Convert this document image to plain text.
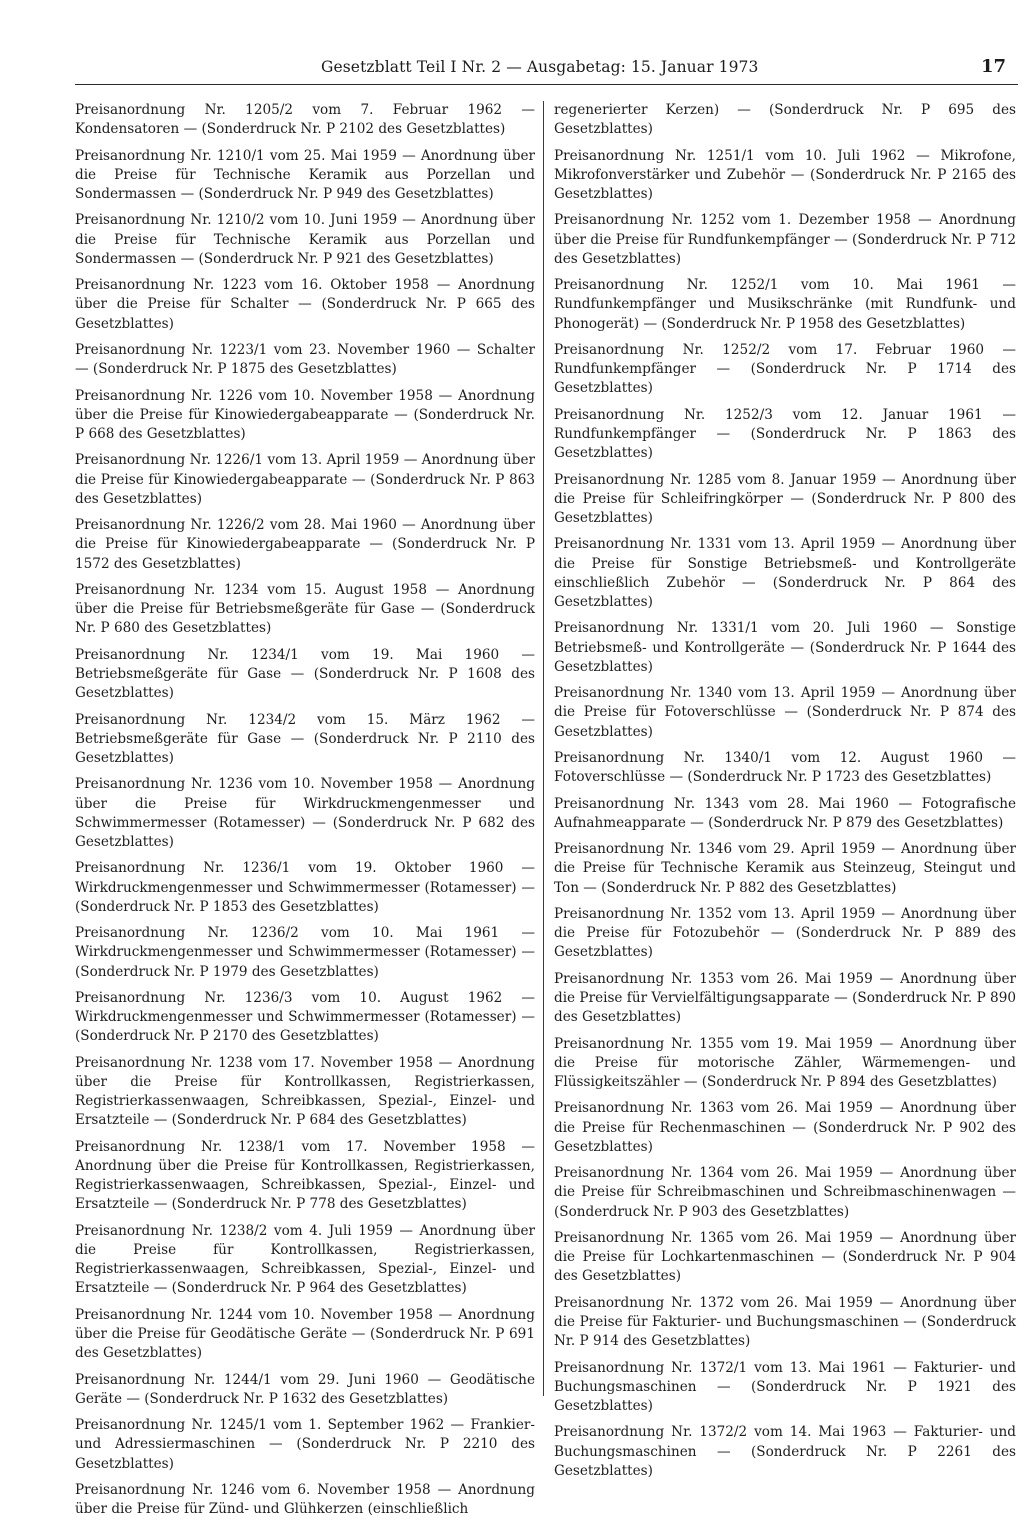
Gesetzblatt Teil I Nr. 2 — Ausgabetag: 15. Januar 1973	17

Preisanordnung Nr. 1205/2 vom 7. Februar 1962 — Kondensatoren — (Sonderdruck Nr. P 2102 des Gesetzblattes)

Preisanordnung Nr. 1210/1 vom 25. Mai 1959 — Anordnung über die Preise für Technische Keramik aus Porzellan und Sondermassen — (Sonderdruck Nr. P 949 des Gesetzblattes)

Preisanordnung Nr. 1210/2 vom 10. Juni 1959 — Anordnung über die Preise für Technische Keramik aus Porzellan und Sondermassen — (Sonderdruck Nr. P 921 des Gesetzblattes)

Preisanordnung Nr. 1223 vom 16. Oktober 1958 — Anordnung über die Preise für Schalter — (Sonderdruck Nr. P 665 des Gesetzblattes)

Preisanordnung Nr. 1223/1 vom 23. November 1960 — Schalter — (Sonderdruck Nr. P 1875 des Gesetzblattes)

Preisanordnung Nr. 1226 vom 10. November 1958 — Anordnung über die Preise für Kinowiedergabeapparate — (Sonderdruck Nr. P 668 des Gesetzblattes)

Preisanordnung Nr. 1226/1 vom 13. April 1959 — Anordnung über die Preise für Kinowiedergabeapparate — (Sonderdruck Nr. P 863 des Gesetzblattes)

Preisanordnung Nr. 1226/2 vom 28. Mai 1960 — Anordnung über die Preise für Kinowiedergabeapparate — (Sonderdruck Nr. P 1572 des Gesetzblattes)

Preisanordnung Nr. 1234 vom 15. August 1958 — Anordnung über die Preise für Betriebsmeßgeräte für Gase — (Sonderdruck Nr. P 680 des Gesetzblattes)

Preisanordnung Nr. 1234/1 vom 19. Mai 1960 — Betriebsmeßgeräte für Gase — (Sonderdruck Nr. P 1608 des Gesetzblattes)

Preisanordnung Nr. 1234/2 vom 15. März 1962 — Betriebsmeßgeräte für Gase — (Sonderdruck Nr. P 2110 des Gesetzblattes)

Preisanordnung Nr. 1236 vom 10. November 1958 — Anordnung über die Preise für Wirkdruckmengenmesser und Schwimmermesser (Rotamesser) — (Sonderdruck Nr. P 682 des Gesetzblattes)

Preisanordnung Nr. 1236/1 vom 19. Oktober 1960 — Wirkdruckmengenmesser und Schwimmermesser (Rotamesser) — (Sonderdruck Nr. P 1853 des Gesetzblattes)

Preisanordnung Nr. 1236/2 vom 10. Mai 1961 — Wirkdruckmengenmesser und Schwimmermesser (Rotamesser) — (Sonderdruck Nr. P 1979 des Gesetzblattes)

Preisanordnung Nr. 1236/3 vom 10. August 1962 — Wirkdruckmengenmesser und Schwimmermesser (Rotamesser) — (Sonderdruck Nr. P 2170 des Gesetzblattes)

Preisanordnung Nr. 1238 vom 17. November 1958 — Anordnung über die Preise für Kontrollkassen, Registrierkassen, Registrierkassenwaagen, Schreibkassen, Spezial-, Einzel- und Ersatzteile — (Sonderdruck Nr. P 684 des Gesetzblattes)

Preisanordnung Nr. 1238/1 vom 17. November 1958 — Anordnung über die Preise für Kontrollkassen, Registrierkassen, Registrierkassenwaagen, Schreibkassen, Spezial-, Einzel- und Ersatzteile — (Sonderdruck Nr. P 778 des Gesetzblattes)

Preisanordnung Nr. 1238/2 vom 4. Juli 1959 — Anordnung über die Preise für Kontrollkassen, Registrierkassen, Registrierkassenwaagen, Schreibkassen, Spezial-, Einzel- und Ersatzteile — (Sonderdruck Nr. P 964 des Gesetzblattes)

Preisanordnung Nr. 1244 vom 10. November 1958 — Anordnung über die Preise für Geodätische Geräte — (Sonderdruck Nr. P 691 des Gesetzblattes)

Preisanordnung Nr. 1244/1 vom 29. Juni 1960 — Geodätische Geräte — (Sonderdruck Nr. P 1632 des Gesetzblattes)

Preisanordnung Nr. 1245/1 vom 1. September 1962 — Frankier- und Adressiermaschinen — (Sonderdruck Nr. P 2210 des Gesetzblattes)

Preisanordnung Nr. 1246 vom 6. November 1958 — Anordnung über die Preise für Zünd- und Glühkerzen (einschließlich

regenerierter Kerzen) — (Sonderdruck Nr. P 695 des Gesetzblattes)

Preisanordnung Nr. 1251/1 vom 10. Juli 1962 — Mikrofone, Mikrofonverstärker und Zubehör — (Sonderdruck Nr. P 2165 des Gesetzblattes)

Preisanordnung Nr. 1252 vom 1. Dezember 1958 — Anordnung über die Preise für Rundfunkempfänger — (Sonderdruck Nr. P 712 des Gesetzblattes)

Preisanordnung Nr. 1252/1 vom 10. Mai 1961 — Rundfunkempfänger und Musikschränke (mit Rundfunk- und Phonogerät) — (Sonderdruck Nr. P 1958 des Gesetzblattes)

Preisanordnung Nr. 1252/2 vom 17. Februar 1960 — Rundfunkempfänger — (Sonderdruck Nr. P 1714 des Gesetzblattes)

Preisanordnung Nr. 1252/3 vom 12. Januar 1961 — Rundfunkempfänger — (Sonderdruck Nr. P 1863 des Gesetzblattes)

Preisanordnung Nr. 1285 vom 8. Januar 1959 — Anordnung über die Preise für Schleifringkörper — (Sonderdruck Nr. P 800 des Gesetzblattes)

Preisanordnung Nr. 1331 vom 13. April 1959 — Anordnung über die Preise für Sonstige Betriebsmeß- und Kontrollgeräte einschließlich Zubehör — (Sonderdruck Nr. P 864 des Gesetzblattes)

Preisanordnung Nr. 1331/1 vom 20. Juli 1960 — Sonstige Betriebsmeß- und Kontrollgeräte — (Sonderdruck Nr. P 1644 des Gesetzblattes)

Preisanordnung Nr. 1340 vom 13. April 1959 — Anordnung über die Preise für Fotoverschlüsse — (Sonderdruck Nr. P 874 des Gesetzblattes)

Preisanordnung Nr. 1340/1 vom 12. August 1960 — Fotoverschlüsse — (Sonderdruck Nr. P 1723 des Gesetzblattes)

Preisanordnung Nr. 1343 vom 28. Mai 1960 — Fotografische Aufnahmeapparate — (Sonderdruck Nr. P 879 des Gesetzblattes)

Preisanordnung Nr. 1346 vom 29. April 1959 — Anordnung über die Preise für Technische Keramik aus Steinzeug, Steingut und Ton — (Sonderdruck Nr. P 882 des Gesetzblattes)

Preisanordnung Nr. 1352 vom 13. April 1959 — Anordnung über die Preise für Fotozubehör — (Sonderdruck Nr. P 889 des Gesetzblattes)

Preisanordnung Nr. 1353 vom 26. Mai 1959 — Anordnung über die Preise für Vervielfältigungsapparate — (Sonderdruck Nr. P 890 des Gesetzblattes)

Preisanordnung Nr. 1355 vom 19. Mai 1959 — Anordnung über die Preise für motorische Zähler, Wärmemengen- und Flüssigkeitszähler — (Sonderdruck Nr. P 894 des Gesetzblattes)

Preisanordnung Nr. 1363 vom 26. Mai 1959 — Anordnung über die Preise für Rechenmaschinen — (Sonderdruck Nr. P 902 des Gesetzblattes)

Preisanordnung Nr. 1364 vom 26. Mai 1959 — Anordnung über die Preise für Schreibmaschinen und Schreibmaschinenwagen — (Sonderdruck Nr. P 903 des Gesetzblattes)

Preisanordnung Nr. 1365 vom 26. Mai 1959 — Anordnung über die Preise für Lochkartenmaschinen — (Sonderdruck Nr. P 904 des Gesetzblattes)

Preisanordnung Nr. 1372 vom 26. Mai 1959 — Anordnung über die Preise für Fakturier- und Buchungsmaschinen — (Sonderdruck Nr. P 914 des Gesetzblattes)

Preisanordnung Nr. 1372/1 vom 13. Mai 1961 — Fakturier- und Buchungsmaschinen — (Sonderdruck Nr. P 1921 des Gesetzblattes)

Preisanordnung Nr. 1372/2 vom 14. Mai 1963 — Fakturier- und Buchungsmaschinen — (Sonderdruck Nr. P 2261 des Gesetzblattes)
